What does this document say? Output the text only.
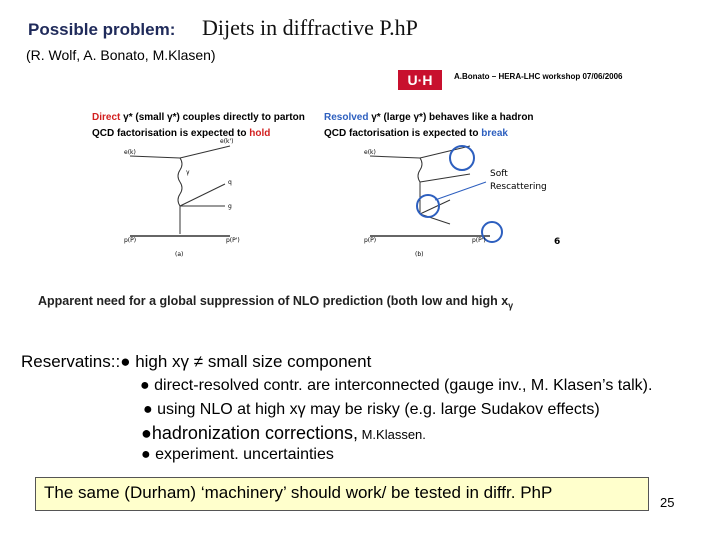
Possible problem: Dijets in diffractive P.hP
(R. Wolf, A. Bonato, M.Klasen)
U·H	A.Bonato – HERA-LHC workshop 07/06/2006
Direct γ* (small γ*) couples directly to parton
QCD factorisation is expected to hold
Resolved γ* (large γ*) behaves like a hadron
QCD factorisation is expected to break
e(k)
e(k')
γ
q
g
p(P)	p(P')
(a)
e(k)
p(P)	p(P')
(b)
Soft
Rescattering
6
Apparent need for a global suppression of NLO prediction (both low and high $x_\gamma$
Reservatins::● high xγ ≠ small size component
● direct-resolved contr. are interconnected (gauge inv., M. Klasen’s talk).
● using NLO at high xγ may be risky (e.g. large Sudakov effects)
●hadronization corrections, M.Klassen.
● experiment. uncertainties
The same (Durham) ‘machinery’ should work/ be tested in diffr. PhP
25
